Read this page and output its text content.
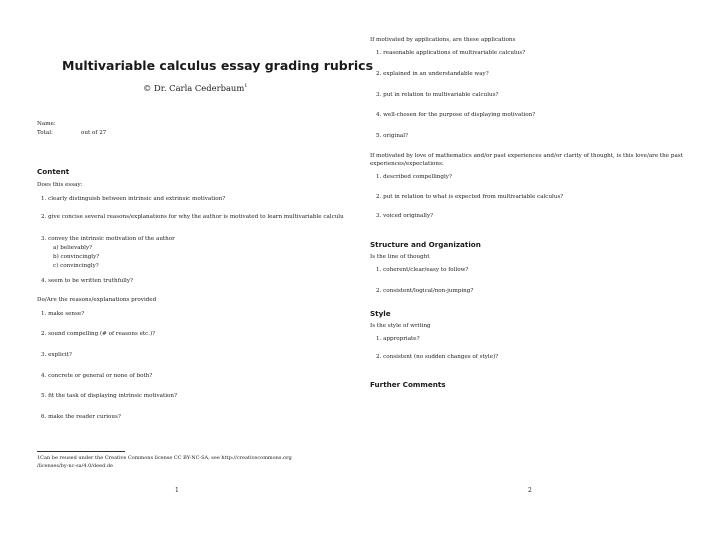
Multivariable calculus essay grading rubrics
© Dr. Carla Cederbaum$^1$
Name:
Total:	out of 27
Content
Does this essay:
1. clearly distinguish between intrinsic and extrinsic motivation?
2. give concise several reasons/explanations for why the author is motivated to learn multivariable calculu
3. convey the intrinsic motivation of the author
a) believably?
b) convincingly?
c) convincingly?
4. seem to be written truthfully?
Do/Are the reasons/explanations provided
1. make sense?
2. sound compelling (# of reasons etc.)?
3. explicit?
4. concrete or general or none of both?
5. fit the task of displaying intrinsic motivation?
6. make the reader curious?
1Can be reused under the Creative Commons license CC BY-NC-SA, see http://creativecommons.org
/licenses/by-nc-sa/4.0/deed.de
1
If motivated by applications, are these applications
1. reasonable applications of multivariable calculus?
2. explained in an understandable way?
3. put in relation to multivariable calculus?
4. well-chosen for the purpose of displaying motivation?
5. original?
If motivated by love of mathematics and/or past experiences and/or clarity of thought, is this love/are the past
experiences/expectations:
1. described compellingly?
2. put in relation to what is expected from multivariable calculus?
3. voiced originally?
Structure and Organization
Is the line of thought
1. coherent/clear/easy to follow?
2. consistent/logical/non-jumping?
Style
Is the style of writing
1. appropriate?
2. consistent (no sudden changes of style)?
Further Comments
2
